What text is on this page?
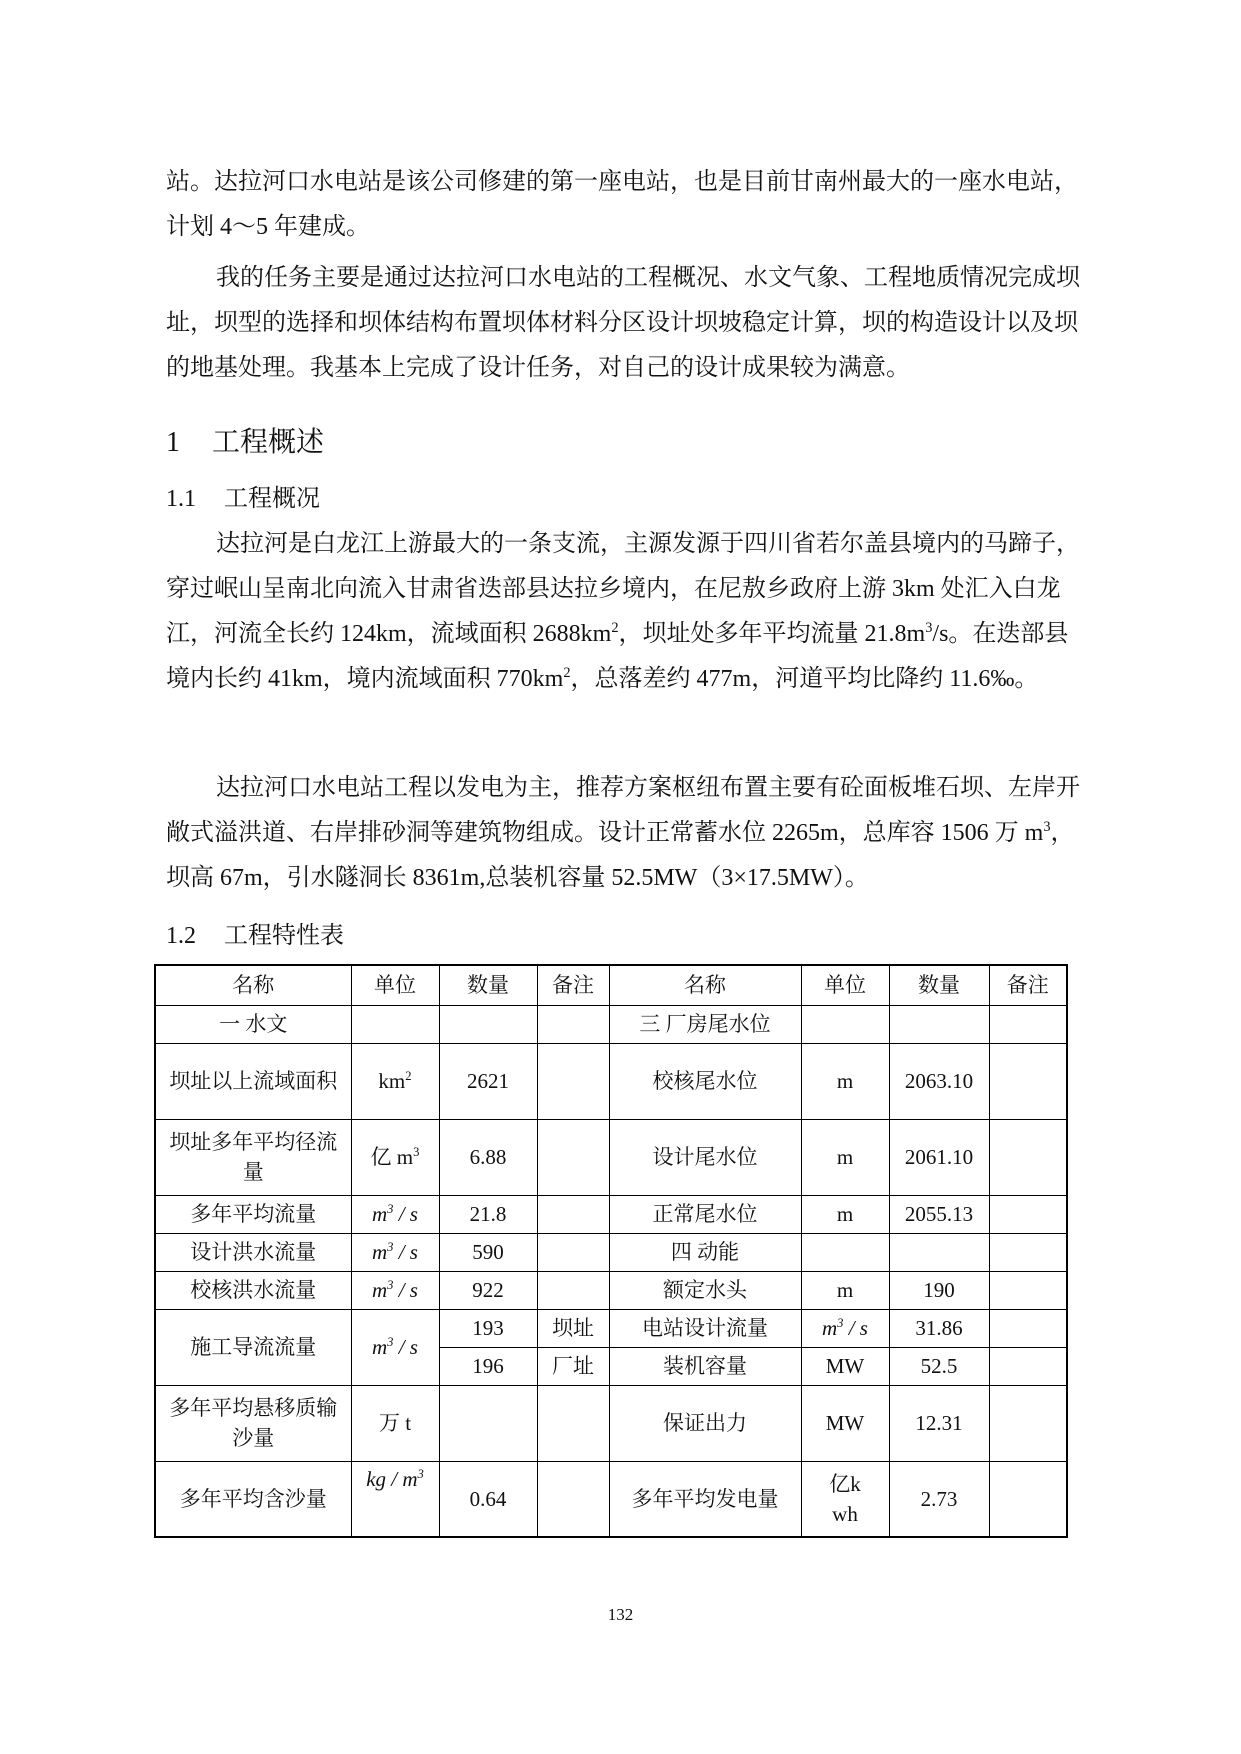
站。达拉河口水电站是该公司修建的第一座电站，也是目前甘南州最大的一座水电站，计划 4～5 年建成。

我的任务主要是通过达拉河口水电站的工程概况、水文气象、工程地质情况完成坝址，坝型的选择和坝体结构布置坝体材料分区设计坝坡稳定计算，坝的构造设计以及坝的地基处理。我基本上完成了设计任务，对自己的设计成果较为满意。

1 工程概述
1.1 工程概况

达拉河是白龙江上游最大的一条支流，主源发源于四川省若尔盖县境内的马蹄子，穿过岷山呈南北向流入甘肃省迭部县达拉乡境内，在尼敖乡政府上游 3km 处汇入白龙江，河流全长约 124km，流域面积 $2688km^2$，坝址处多年平均流量 $21.8m^3/s$。在迭部县境内长约 41km，境内流域面积 $770km^2$，总落差约 477m，河道平均比降约 11.6‰。

达拉河口水电站工程以发电为主，推荐方案枢纽布置主要有砼面板堆石坝、左岸开敞式溢洪道、右岸排砂洞等建筑物组成。设计正常蓄水位 2265m，总库容 1506 万 $m^3$，坝高 67m，引水隧洞长 8361m,总装机容量 52.5MW（3×17.5MW）。

1.2 工程特性表
名称	单位	数量	备注	名称	单位	数量	备注
一 水文				三 厂房尾水位			
坝址以上流域面积	$km^2$	2621		校核尾水位	m	2063.10	
坝址多年平均径流量	亿 $m^3$	6.88		设计尾水位	m	2061.10	
多年平均流量	$m^3$ / s	21.8		正常尾水位	m	2055.13	
设计洪水流量	$m^3$ / s	590		四 动能			
校核洪水流量	$m^3$ / s	922		额定水头	m	190	
施工导流流量	$m^3$ / s	193	坝址	电站设计流量	$m^3$ / s	31.86	
		196	厂址	装机容量	MW	52.5	
多年平均悬移质输沙量	万 t			保证出力	MW	12.31	
多年平均含沙量	kg / $m^3$	0.64		多年平均发电量	亿kwh	2.73	
132
